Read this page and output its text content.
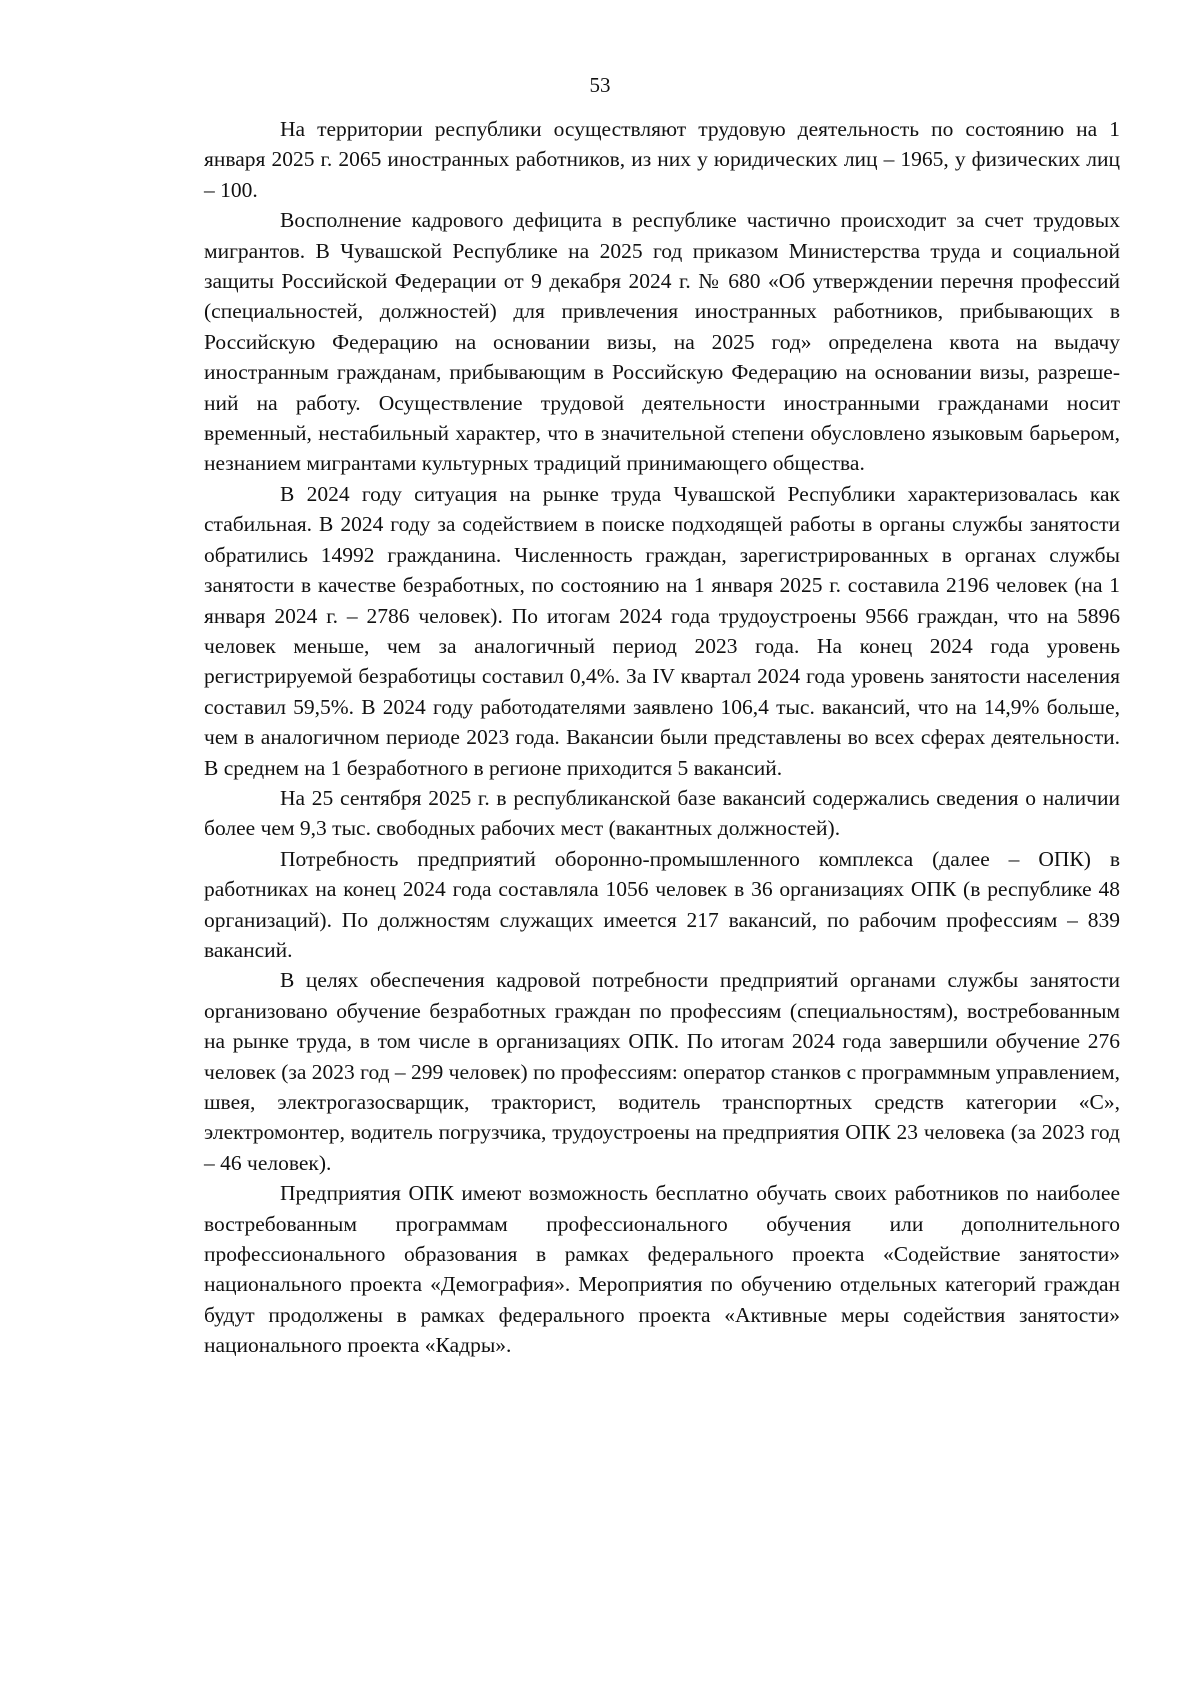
53

На территории республики осуществляют трудовую деятельность по состоянию на 1 января 2025 г. 2065 иностранных работников, из них у юридических лиц – 1965, у физических лиц – 100.

Восполнение кадрового дефицита в республике частично происходит за счет трудовых мигрантов. В Чувашской Республике на 2025 год приказом Министерства труда и социальной защиты Российской Федерации от 9 декабря 2024 г. № 680 «Об утверждении перечня профессий (специальностей, должностей) для привлечения иностранных работников, прибывающих в Российскую Федерацию на основании визы, на 2025 год» определена квота на выдачу иностранным гражданам, прибывающим в Российскую Федерацию на основании визы, разрешений на работу. Осуществление трудовой деятельности иностранными гражданами носит временный, нестабильный характер, что в значительной степени обусловлено языковым барьером, незнанием мигрантами культурных традиций принимающего общества.

В 2024 году ситуация на рынке труда Чувашской Республики характеризовалась как стабильная. В 2024 году за содействием в поиске подходящей работы в органы службы занятости обратились 14992 гражданина. Численность граждан, зарегистрированных в органах службы занятости в качестве безработных, по состоянию на 1 января 2025 г. составила 2196 человек (на 1 января 2024 г. – 2786 человек). По итогам 2024 года трудоустроены 9566 граждан, что на 5896 человек меньше, чем за аналогичный период 2023 года. На конец 2024 года уровень регистрируемой безработицы составил 0,4%. За IV квартал 2024 года уровень занятости населения составил 59,5%. В 2024 году работодателями заявлено 106,4 тыс. вакансий, что на 14,9% больше, чем в аналогичном периоде 2023 года. Вакансии были представлены во всех сферах деятельности. В среднем на 1 безработного в регионе приходится 5 вакансий.

На 25 сентября 2025 г. в республиканской базе вакансий содержались сведения о наличии более чем 9,3 тыс. свободных рабочих мест (вакантных должностей).

Потребность предприятий оборонно-промышленного комплекса (далее – ОПК) в работниках на конец 2024 года составляла 1056 человек в 36 организациях ОПК (в республике 48 организаций). По должностям служащих имеется 217 вакансий, по рабочим профессиям – 839 вакансий.

В целях обеспечения кадровой потребности предприятий органами службы занятости организовано обучение безработных граждан по профессиям (специальностям), востребованным на рынке труда, в том числе в организациях ОПК. По итогам 2024 года завершили обучение 276 человек (за 2023 год – 299 человек) по профессиям: оператор станков с программным управлением, швея, электрогазосварщик, тракторист, водитель транспортных средств категории «С», электромонтер, водитель погрузчика, трудоустроены на предприятия ОПК 23 человека (за 2023 год – 46 человек).

Предприятия ОПК имеют возможность бесплатно обучать своих работников по наиболее востребованным программам профессионального обучения или дополнительного профессионального образования в рамках федерального проекта «Содействие занятости» национального проекта «Демография». Мероприятия по обучению отдельных категорий граждан будут продолжены в рамках федерального проекта «Активные меры содействия занятости» национального проекта «Кадры».
